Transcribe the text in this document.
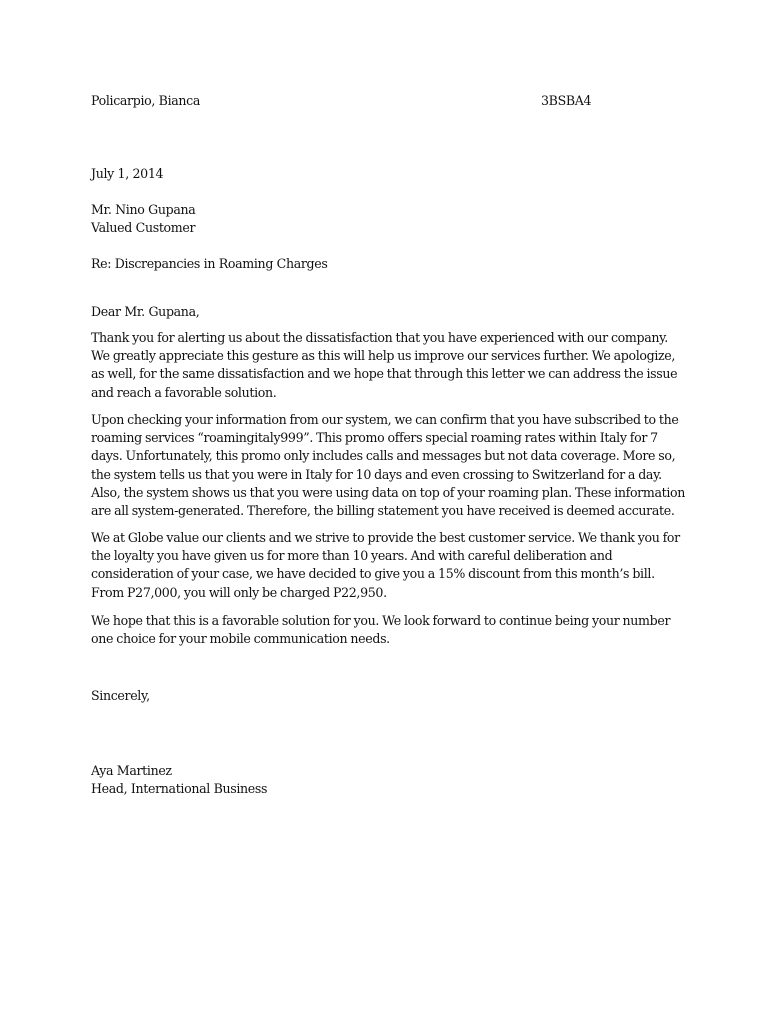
Policarpio, Bianca	3BSBA4
July 1, 2014
Mr. Nino Gupana
Valued Customer
Re: Discrepancies in Roaming Charges
Dear Mr. Gupana,
Thank you for alerting us about the dissatisfaction that you have experienced with our company.
We greatly appreciate this gesture as this will help us improve our services further. We apologize,
as well, for the same dissatisfaction and we hope that through this letter we can address the issue
and reach a favorable solution.
Upon checking your information from our system, we can confirm that you have subscribed to the
roaming services “roamingitaly999”. This promo offers special roaming rates within Italy for 7
days. Unfortunately, this promo only includes calls and messages but not data coverage. More so,
the system tells us that you were in Italy for 10 days and even crossing to Switzerland for a day.
Also, the system shows us that you were using data on top of your roaming plan. These information
are all system-generated. Therefore, the billing statement you have received is deemed accurate.
We at Globe value our clients and we strive to provide the best customer service. We thank you for
the loyalty you have given us for more than 10 years. And with careful deliberation and
consideration of your case, we have decided to give you a 15% discount from this month’s bill.
From P27,000, you will only be charged P22,950.
We hope that this is a favorable solution for you. We look forward to continue being your number
one choice for your mobile communication needs.
Sincerely,
Aya Martinez
Head, International Business
